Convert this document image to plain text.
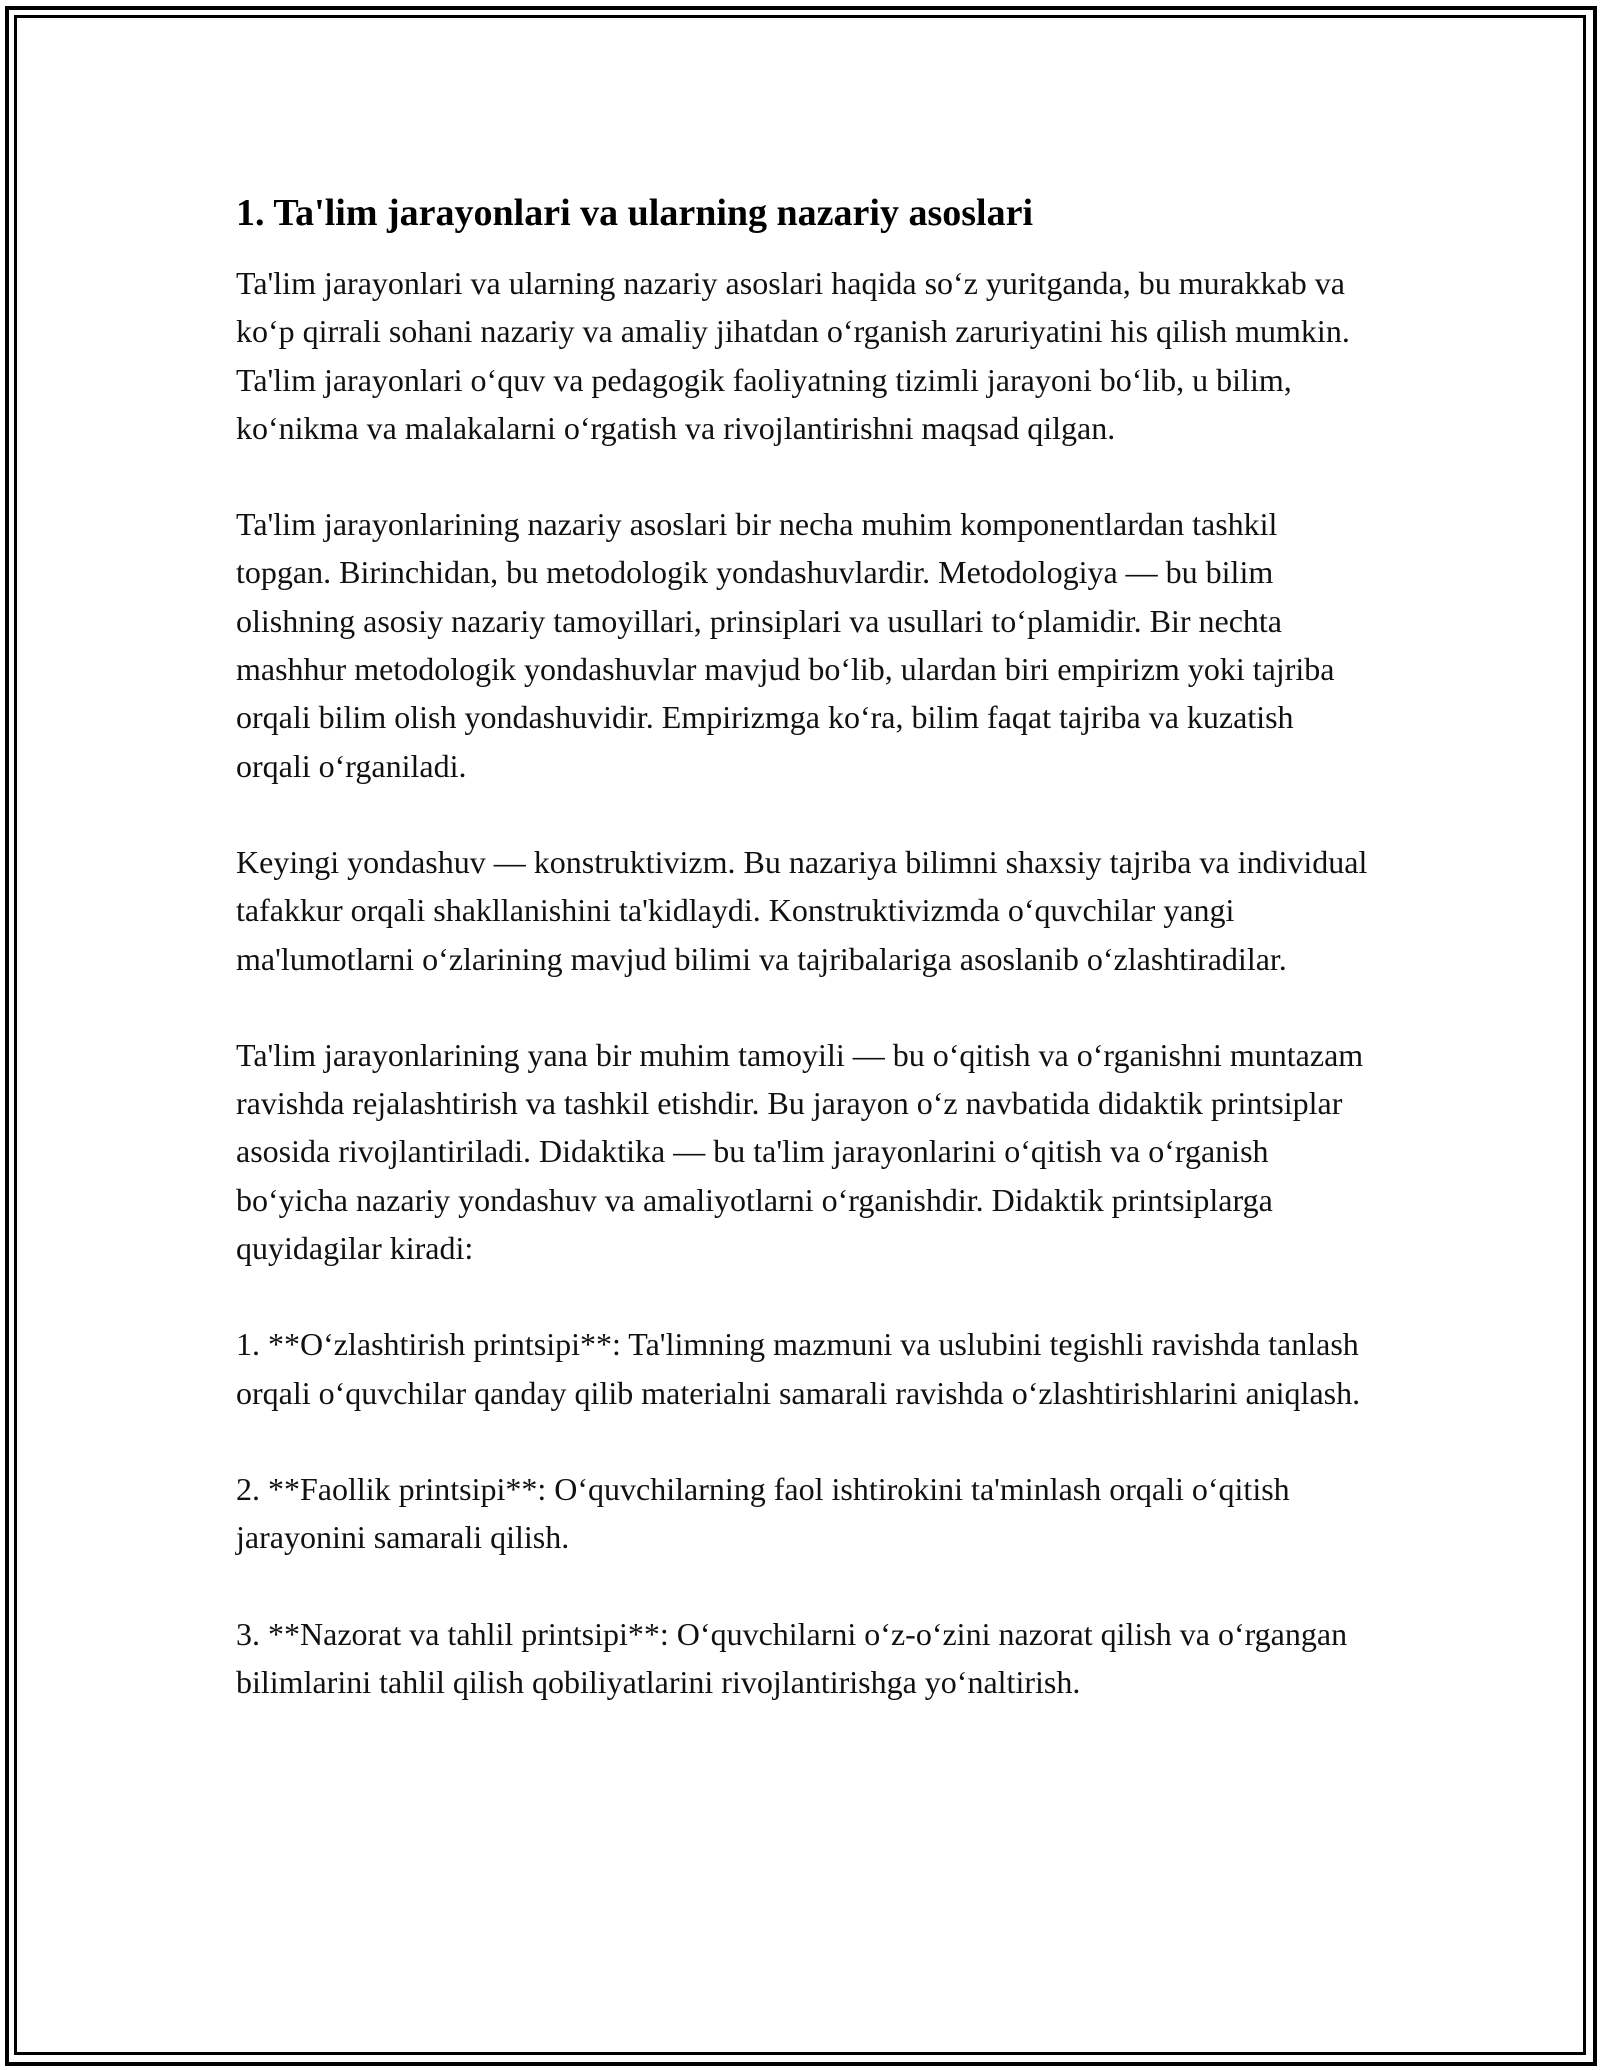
1. Ta'lim jarayonlari va ularning nazariy asoslari

Ta'lim jarayonlari va ularning nazariy asoslari haqida so‘z yuritganda, bu murakkab va ko‘p qirrali sohani nazariy va amaliy jihatdan o‘rganish zaruriyatini his qilish mumkin. Ta'lim jarayonlari o‘quv va pedagogik faoliyatning tizimli jarayoni bo‘lib, u bilim, ko‘nikma va malakalarni o‘rgatish va rivojlantirishni maqsad qilgan.

Ta'lim jarayonlarining nazariy asoslari bir necha muhim komponentlardan tashkil topgan. Birinchidan, bu metodologik yondashuvlardir. Metodologiya — bu bilim olishning asosiy nazariy tamoyillari, prinsiplari va usullari to‘plamidir. Bir nechta mashhur metodologik yondashuvlar mavjud bo‘lib, ulardan biri empirizm yoki tajriba orqali bilim olish yondashuvidir. Empirizmga ko‘ra, bilim faqat tajriba va kuzatish orqali o‘rganiladi.

Keyingi yondashuv — konstruktivizm. Bu nazariya bilimni shaxsiy tajriba va individual tafakkur orqali shakllanishini ta'kidlaydi. Konstruktivizmda o‘quvchilar yangi ma'lumotlarni o‘zlarining mavjud bilimi va tajribalariga asoslanib o‘zlashtiradilar.

Ta'lim jarayonlarining yana bir muhim tamoyili — bu o‘qitish va o‘rganishni muntazam ravishda rejalashtirish va tashkil etishdir. Bu jarayon o‘z navbatida didaktik printsiplar asosida rivojlantiriladi. Didaktika — bu ta'lim jarayonlarini o‘qitish va o‘rganish bo‘yicha nazariy yondashuv va amaliyotlarni o‘rganishdir. Didaktik printsiplarga quyidagilar kiradi:

1. **O‘zlashtirish printsipi**: Ta'limning mazmuni va uslubini tegishli ravishda tanlash orqali o‘quvchilar qanday qilib materialni samarali ravishda o‘zlashtirishlarini aniqlash.

2. **Faollik printsipi**: O‘quvchilarning faol ishtirokini ta'minlash orqali o‘qitish jarayonini samarali qilish.

3. **Nazorat va tahlil printsipi**: O‘quvchilarni o‘z-o‘zini nazorat qilish va o‘rgangan bilimlarini tahlil qilish qobiliyatlarini rivojlantirishga yo‘naltirish.
